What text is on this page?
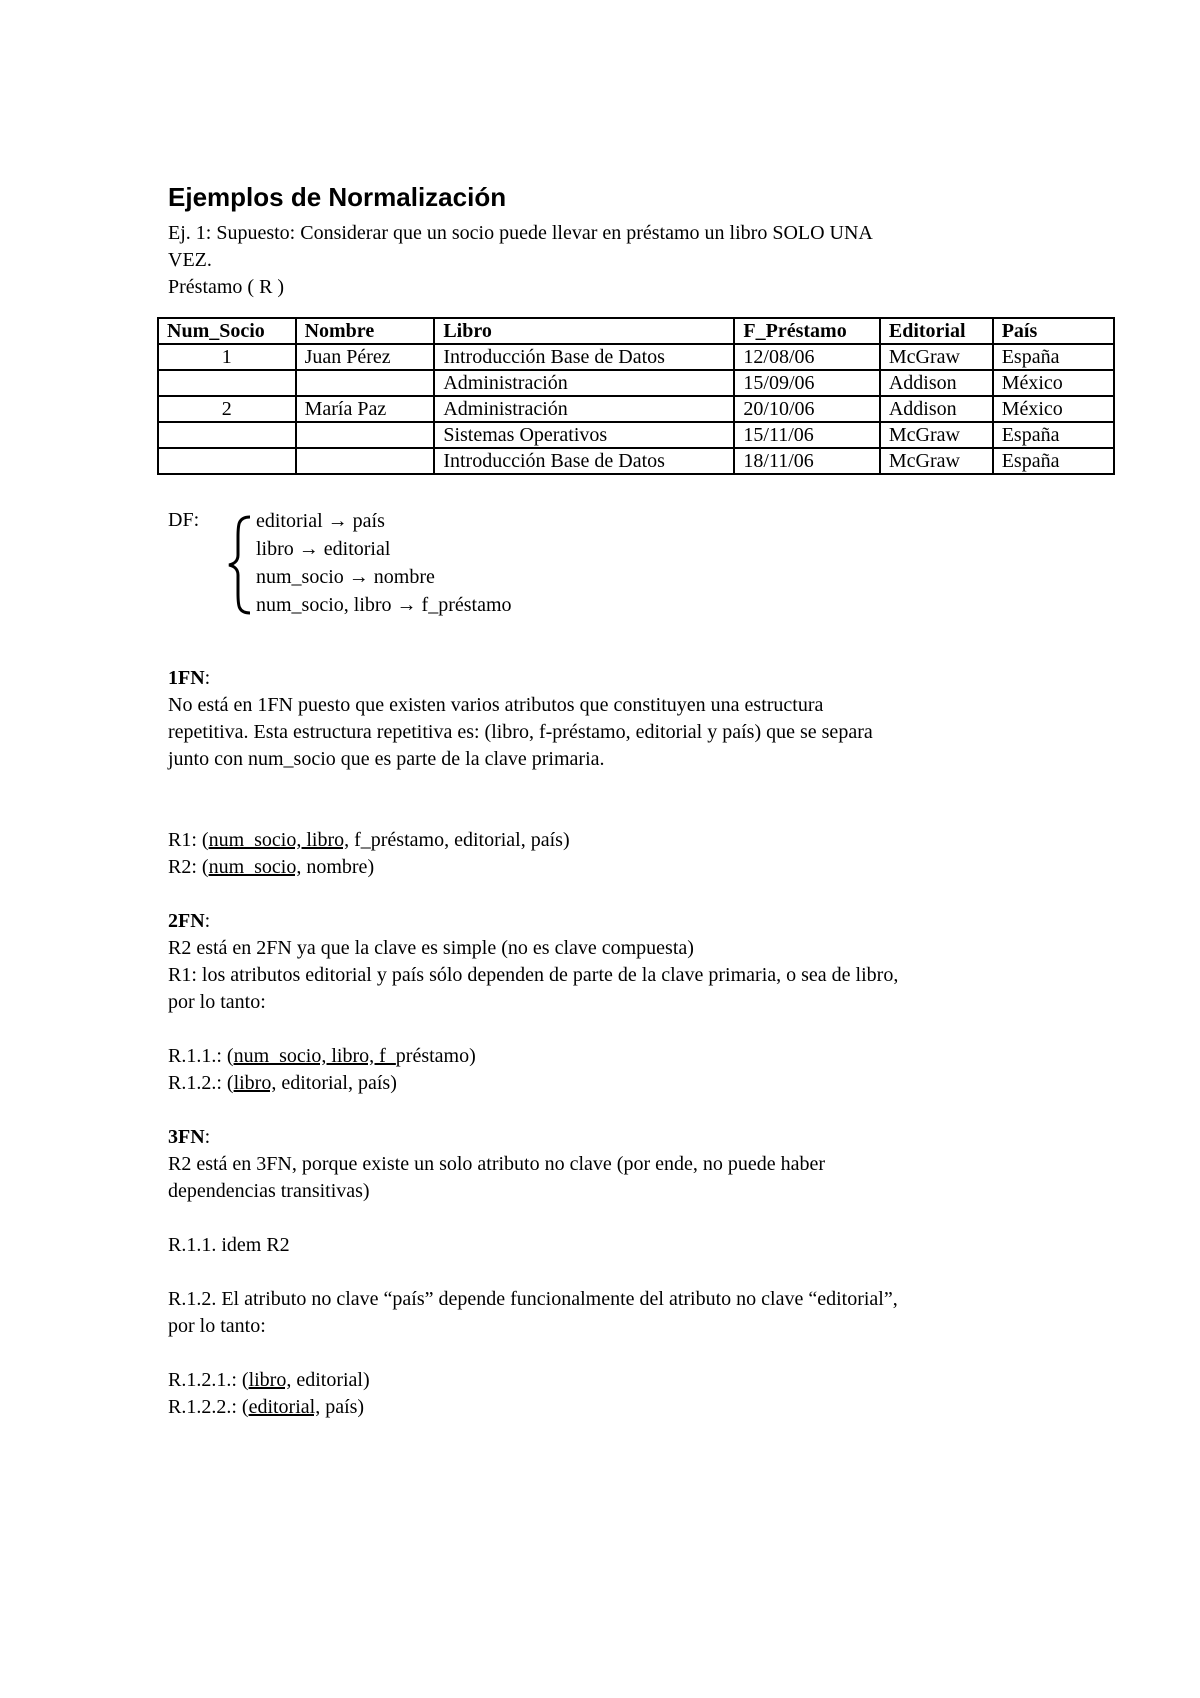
Ejemplos de Normalización

Ej. 1: Supuesto: Considerar que un socio puede llevar en préstamo un libro SOLO UNA

VEZ.

Préstamo ( R )

Num_Socio	Nombre	Libro	F_Préstamo	Editorial	País
1	Juan Pérez	Introducción Base de Datos	12/08/06	McGraw	España
		Administración	15/09/06	Addison	México
2	María Paz	Administración	20/10/06	Addison	México
		Sistemas Operativos	15/11/06	McGraw	España
		Introducción Base de Datos	18/11/06	McGraw	España
DF:	editorial → país
libro → editorial
num_socio → nombre
num_socio, libro → f_préstamo

1FN:

No está en 1FN puesto que existen varios atributos que constituyen una estructura

repetitiva. Esta estructura repetitiva es: (libro, f-préstamo, editorial y país) que se separa

junto con num_socio que es parte de la clave primaria.

R1: (num_socio, libro, f_préstamo, editorial, país)

R2: (num_socio, nombre)

2FN:

R2 está en 2FN ya que la clave es simple (no es clave compuesta)

R1: los atributos editorial y país sólo dependen de parte de la clave primaria, o sea de libro,

por lo tanto:

R.1.1.: (num_socio, libro, f_préstamo)

R.1.2.: (libro, editorial, país)

3FN:

R2 está en 3FN, porque existe un solo atributo no clave (por ende, no puede haber

dependencias transitivas)

R.1.1. idem R2

R.1.2. El atributo no clave “país” depende funcionalmente del atributo no clave “editorial”,

por lo tanto:

R.1.2.1.: (libro, editorial)

R.1.2.2.: (editorial, país)
